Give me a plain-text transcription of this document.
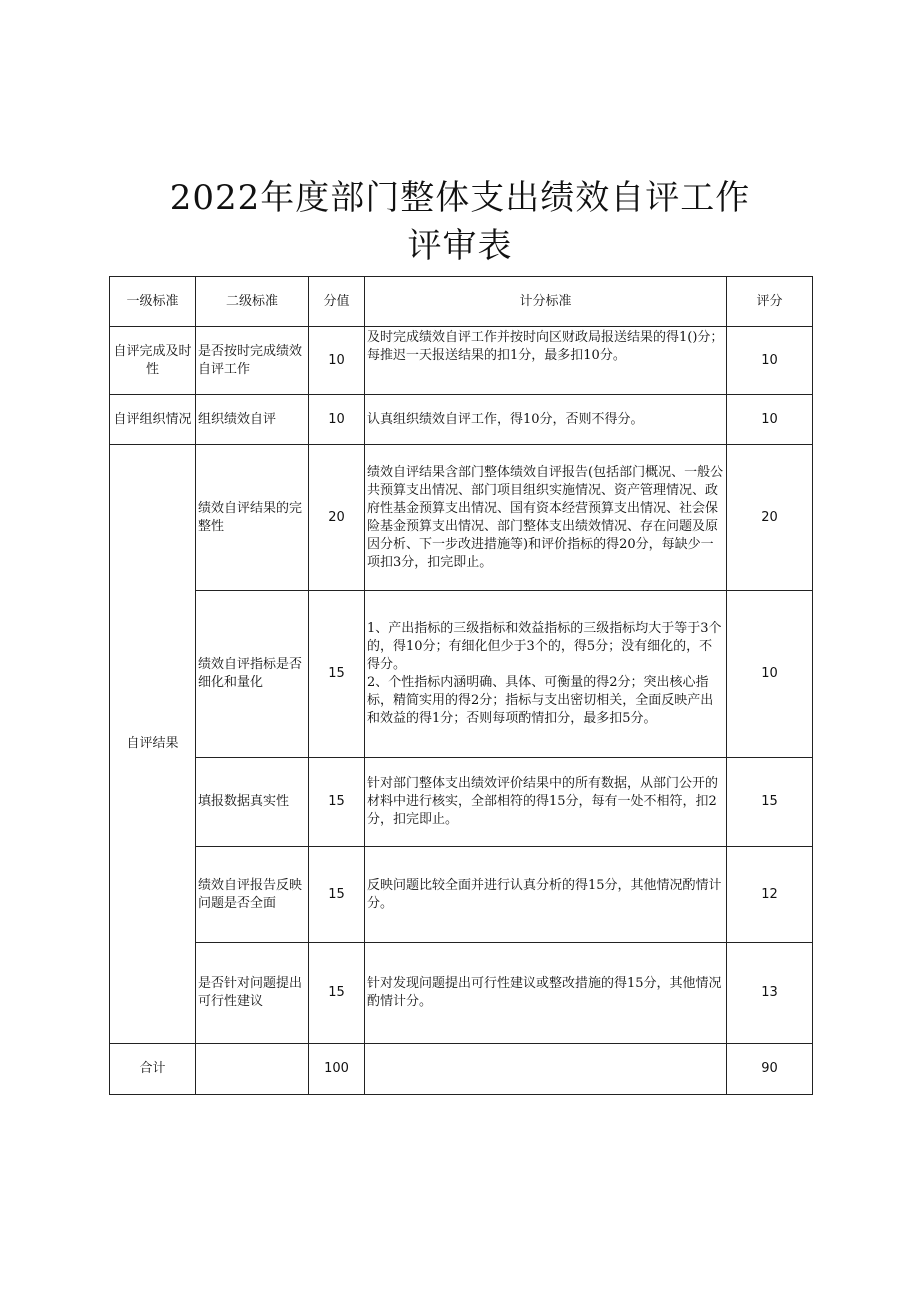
2022年度部门整体支出绩效自评工作
评审表
一级标准	二级标准	分值	计分标准	评分
自评完成及时性	是否按时完成绩效自评工作	10	及时完成绩效自评工作并按时向区财政局报送结果的得1()分；每推迟一天报送结果的扣1分，最多扣10分。	10
自评组织情况	组织绩效自评	10	认真组织绩效自评工作，得10分，否则不得分。	10
自评结果	绩效自评结果的完整性	20	绩效自评结果含部门整体绩效自评报告(包括部门概况、一般公共预算支出情况、部门项目组织实施情况、资产管理情况、政府性基金预算支出情况、国有资本经营预算支出情况、社会保险基金预算支出情况、部门整体支出绩效情况、存在问题及原因分析、下一步改进措施等)和评价指标的得20分，每缺少一项扣3分，扣完即止。	20
	绩效自评指标是否细化和量化	15	1、产出指标的三级指标和效益指标的三级指标均大于等于3个的，得10分；有细化但少于3个的，得5分；没有细化的，不得分。
2、个性指标内涵明确、具体、可衡量的得2分；突出核心指标，精简实用的得2分；指标与支出密切相关，全面反映产出和效益的得1分；否则每项酌情扣分，最多扣5分。	10
	填报数据真实性	15	针对部门整体支出绩效评价结果中的所有数据，从部门公开的材料中进行核实，全部相符的得15分，每有一处不相符，扣2分，扣完即止。	15
	绩效自评报告反映问题是否全面	15	反映问题比较全面并进行认真分析的得15分，其他情况酌情计分。	12
	是否针对问题提出可行性建议	15	针对发现问题提出可行性建议或整改措施的得15分，其他情况酌情计分。	13
合计		100		90
